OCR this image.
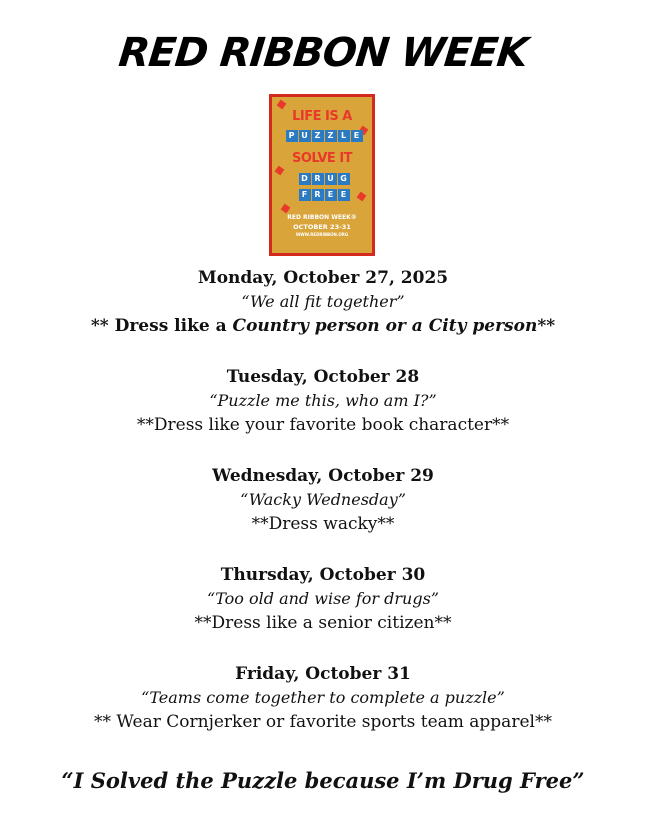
RED RIBBON WEEK
LIFE IS A
P U Z Z L E
SOLVE IT
D R U G
F R E E
RED RIBBON WEEK®
OCTOBER 23-31
WWW.REDRIBBON.ORG
Monday, October 27, 2025
“We all fit together”
** Dress like a Country person or a City person**
Tuesday, October 28
“Puzzle me this, who am I?”
**Dress like your favorite book character**
Wednesday, October 29
“Wacky Wednesday”
**Dress wacky**
Thursday, October 30
“Too old and wise for drugs”
**Dress like a senior citizen**
Friday, October 31
“Teams come together to complete a puzzle”
** Wear Cornjerker or favorite sports team apparel**
“I Solved the Puzzle because I’m Drug Free”
